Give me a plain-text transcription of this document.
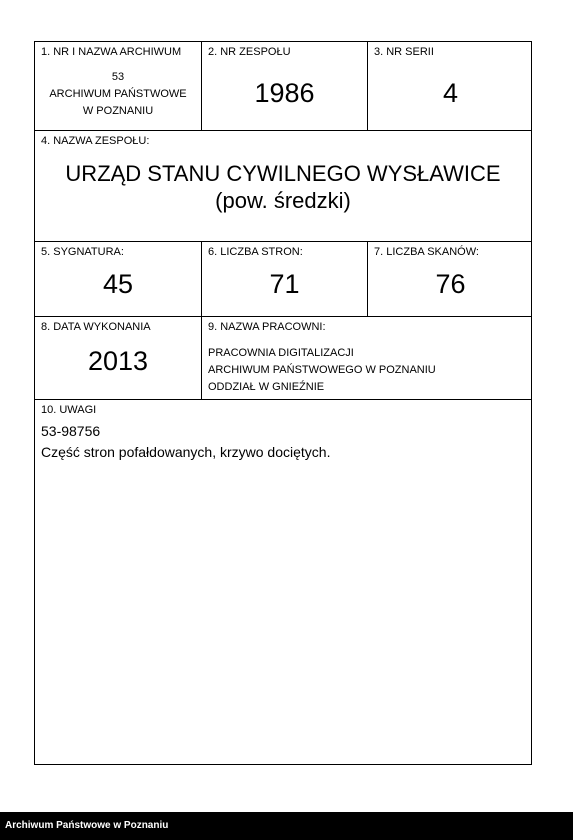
1. NR I NAZWA ARCHIWUM
53
ARCHIWUM PAŃSTWOWE
W POZNANIU
2. NR ZESPOŁU
1986
3. NR SERII
4
4. NAZWA ZESPOŁU:
URZĄD STANU CYWILNEGO WYSŁAWICE
(pow. średzki)
5. SYGNATURA:
45
6. LICZBA STRON:
71
7. LICZBA SKANÓW:
76
8. DATA WYKONANIA
2013
9. NAZWA PRACOWNI:
PRACOWNIA DIGITALIZACJI
ARCHIWUM PAŃSTWOWEGO W POZNANIU
ODDZIAŁ W GNIEŹNIE
10. UWAGI
53-98756
Część stron pofałdowanych, krzywo dociętych.
Archiwum Państwowe w Poznaniu
